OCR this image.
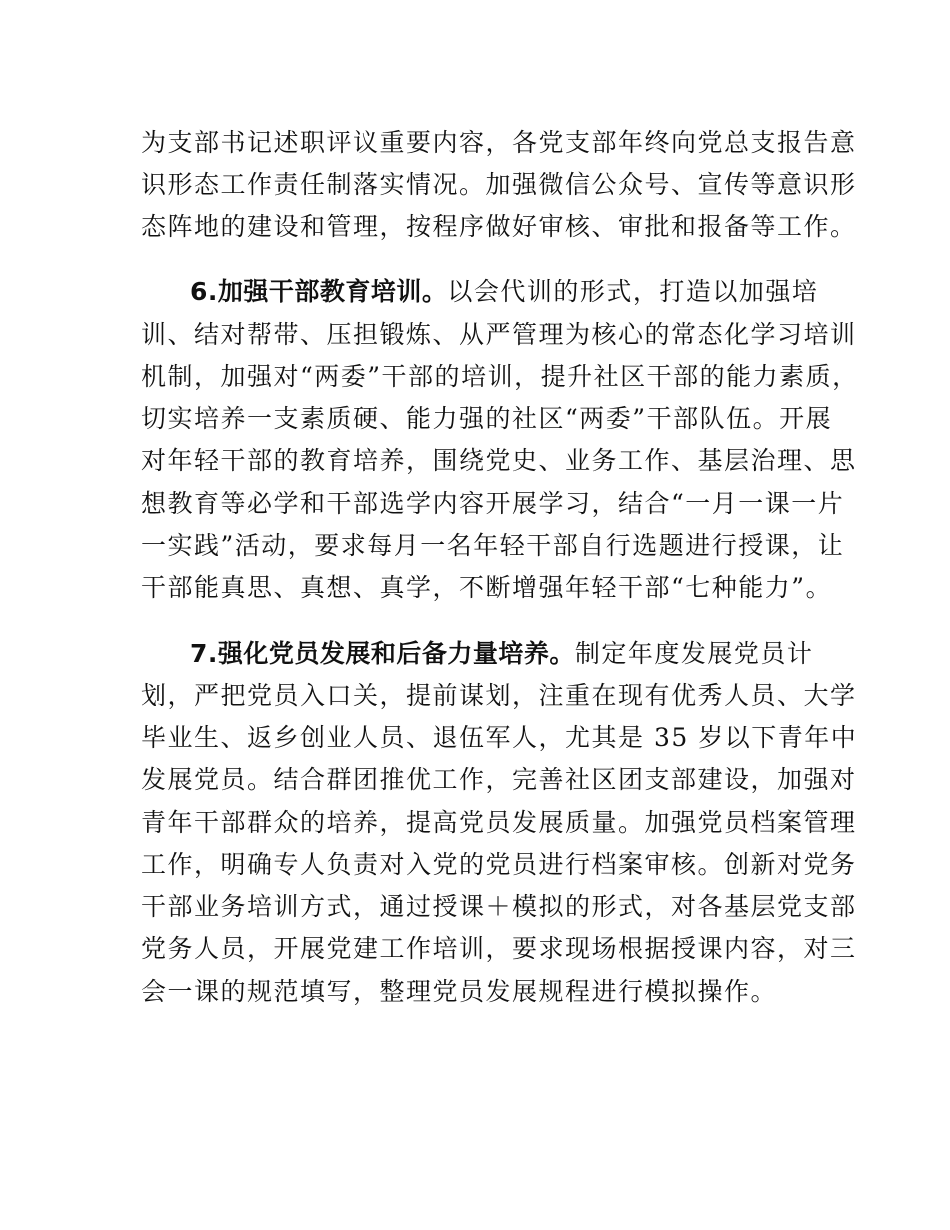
为支部书记述职评议重要内容，各党支部年终向党总支报告意
识形态工作责任制落实情况。加强微信公众号、宣传等意识形
态阵地的建设和管理，按程序做好审核、审批和报备等工作。
6.加强干部教育培训。以会代训的形式，打造以加强培
训、结对帮带、压担锻炼、从严管理为核心的常态化学习培训
机制，加强对“两委”干部的培训，提升社区干部的能力素质，
切实培养一支素质硬、能力强的社区“两委”干部队伍。开展
对年轻干部的教育培养，围绕党史、业务工作、基层治理、思
想教育等必学和干部选学内容开展学习，结合“一月一课一片
一实践”活动，要求每月一名年轻干部自行选题进行授课，让
干部能真思、真想、真学，不断增强年轻干部“七种能力”。
7.强化党员发展和后备力量培养。制定年度发展党员计
划，严把党员入口关，提前谋划，注重在现有优秀人员、大学
毕业生、返乡创业人员、退伍军人，尤其是 35 岁以下青年中
发展党员。结合群团推优工作，完善社区团支部建设，加强对
青年干部群众的培养，提高党员发展质量。加强党员档案管理
工作，明确专人负责对入党的党员进行档案审核。创新对党务
干部业务培训方式，通过授课＋模拟的形式，对各基层党支部
党务人员，开展党建工作培训，要求现场根据授课内容，对三
会一课的规范填写，整理党员发展规程进行模拟操作。
